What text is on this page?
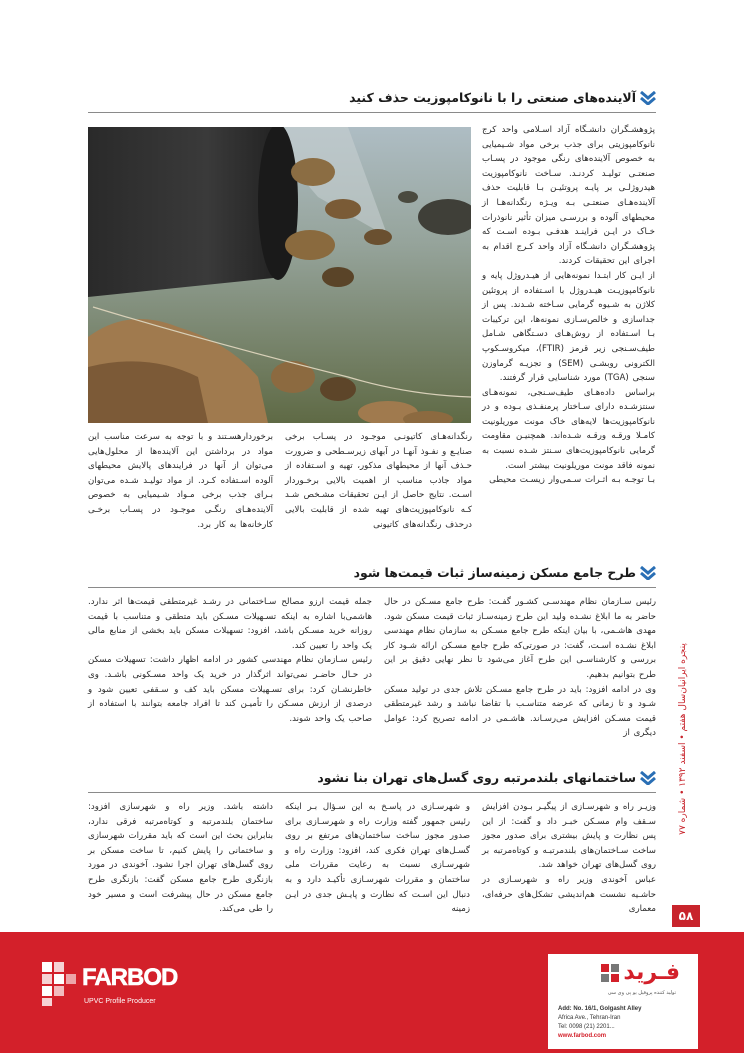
آلاینده‌های صنعتی را با نانوکامپوزیت حذف کنید
پژوهشـگران دانشـگاه آزاد اسـلامی واحد کرج نانوکامپوزیتی برای جذب برخی مواد شـیمیایی به خصوص آلاینده‌های رنگی موجود در پسـاب صنعتـی تولیـد کردنـد. سـاخت نانوکامپوزیت هیدروژلـی بر پایـه پروتئیـن بـا قابلیت حذف آلاینده‌هـای صنعتـی بـه ویـژه رنگدانه‌هـا از محیطهای آلوده و بررسـی میزان تأثیر نانوذرات خـاک در ایـن فراینـد هدفـی بـوده اسـت که پژوهشـگران دانشـگاه آزاد واحد کـرج اقدام به اجرای این تحقیقات کردند.
از ایـن کار ابتـدا نمونه‌هایی از هیـدروژل پایه و نانوکامپوزیـت هیـدروژل با اسـتفاده از پروتئین کلاژن به شـیوه گرمایی سـاخته شـدند. پس از جداسازی و خالص‌سـازی نمونه‌ها، این ترکیبات بـا اسـتفاده از روش‌هـای دسـتگاهی شـامل طیف‌سـنجی زیر قرمز (FTIR)، میکروسـکوپ الکترونی روبشـی (SEM) و تجزیـه گرماوزن سنجی (TGA) مورد شناسایی قرار گرفتند.
براساس داده‌هـای طیف‌سـنجی، نمونه‌هـای سنتزشـده دارای سـاختار پرمنفـذی بـوده و در نانوکامپوزیت‌ها لایه‌های خاک مونت موریلونیت کامـلا ورقـه ورقـه شـده‌اند. همچنیـن مقاومت گرمایی نانوکامپوزیت‌های سـنتز شـده نسبت به نمونه فاقد مونت موریلونیت بیشتر است.
بـا توجـه بـه اثـرات سـمی‌وار زیسـت محیطی
رنگدانه‌هـای کاتیونـی موجـود در پسـاب برخی صنایـع و نفـوذ آنهـا در آبهای زیرسـطحی و ضرورت حـذف آنها از محیطهای مذکور، تهیه و اسـتفاده از مواد جاذب مناسب از اهمیت بالایی برخـوردار اسـت. نتایج حاصل از ایـن تحقیقات مشـخص شـد کـه نانوکامپوزیت‌های تهیه شده از قابلیت بالایی درحذف رنگدانه‌های کاتیونی
برخوردارهسـتند و با توجه به سرعت مناسب این مواد در برداشتن این آلاینده‌ها از محلول‌هایی می‌توان از آنها در فرایندهای پالایش محیطهای آلوده اسـتفاده کـرد. از مواد تولیـد شـده می‌توان بـرای جذب برخی مـواد شـیمیایی به خصوص آلاینده‌هـای رنگـی موجـود در پسـاب برخـی کارخانه‌ها به کار برد.
طرح جامع مسکن زمینه‌ساز ثبات قیمت‌ها شود
رئیس سـازمان نظام مهندسـی کشـور گفـت: طرح جامع مسـکن در حال حاضر به ما ابلاغ نشـده ولید این طرح زمینه‌سـاز ثبات قیمت مسکن شود. مهدی هاشـمی، با بیان اینکه طرح جامع مسـکن به سازمان نظام مهندسی ابلاغ نشـده اسـت، گفت: در صورتی‌که طرح جامع مسـکن ارائه شـود کار بررسی و کارشناسـی این طرح آغاز می‌شود تا نظر نهایی دقیق بر این طرح بتوانیم بدهیم.
وی در ادامه افزود: باید در طرح جامع مسـکن تلاش جدی در تولید مسکن شـود و تا زمانی که عرضه متناسـب با تقاضا نباشد و رشد غیرمتطقی قیمت مسـکن افزایش می‌رسـاند. هاشـمی در ادامه تصریح کرد: عوامل دیگری از
جمله قیمت ارزو مصالح سـاختمانی در رشـد غیرمتطقی قیمت‌ها اثر ندارد. هاشمی‌با اشاره به اینکه تسـهیلات مسـکن باید متطقی و متناسب با قیمت روزانه خرید مسـکن باشد، افزود: تسهیلات مسکن باید بخشی از منابع مالی یک واحد را تعیین کند.
رئیس سـازمان نظام مهندسی کشور در ادامه اظهار داشت: تسهیلات مسکن در حـال حاضـر نمی‌تواند اثرگذار در خرید یک واحد مسـکونی باشـد. وی خاطرنشـان کرد: برای تسـهیلات مسکن باید کف و سـقفی تعیین شود و درصدی از ارزش مسـکن را تأمیـن کند تا افراد جامعه بتوانند با استفاده از صاحب یک واحد شوند.
ساختمانهای بلندمرتبه روی گسل‌های تهران بنا نشود
وزیـر راه و شهرسـازی از پیگیـر بـودن افزایش سـقف وام مسـکن خبـر داد و گفت: از این پس نظارت و پایش بیشتری برای صدور مجوز ساخت سـاختمان‌های بلندمرتبـه و کوتاه‌مرتبه بر روی گسل‌های تهران خواهد شد.
عباس آخوندی وزیر راه و شهرسـازی در حاشـیه نشست هم‌اندیشی تشکل‌های حرفه‌ای، معماری
و شهرسـازی در پاسـخ به این سـؤال بـر اینکه رئیس جمهور گفته وزارت راه و شهرسـازی برای صدور مجوز ساخت ساختمان‌های مرتفع بر روی گسـل‌های تهران فکری کند، افزود: وزارت راه و شهرسـازی نسبت به رعایت مقررات ملی ساختمان و مقررات شهرسـازی تأکیـد دارد و به دنبال این اسـت که نظارت و پایـش جدی در ایـن زمینه
داشته باشد. وزیر راه و شهرسازی افزود: ساختمان بلندمرتبه و کوتاه‌مرتبه فرقی ندارد، بنابراین بحث این است که باید مقررات شهرسازی و ساختمانی را پایش کنیم، تا ساخت مسکن بر روی گسل‌های تهران اجرا نشود. آخوندی در مورد بازنگری طرح جامع مسکن گفت: بازنگری طرح جامع مسکن در حال پیشرفت است و مسیر خود را طی می‌کند.
پنجره ایرانیان‌سال هفتم • اسفند ۱۳۹۲ • شماره ۷۷
۵۸
FARBOD
UPVC Profile Producer
فـريد
تولید کننده پروفیل یو پی وی سی
Add: No. 16/1, Golgasht Alley
Africa Ave., Tehran-Iran
Tel: 0098 (21) 2201...
www.farbod.com
